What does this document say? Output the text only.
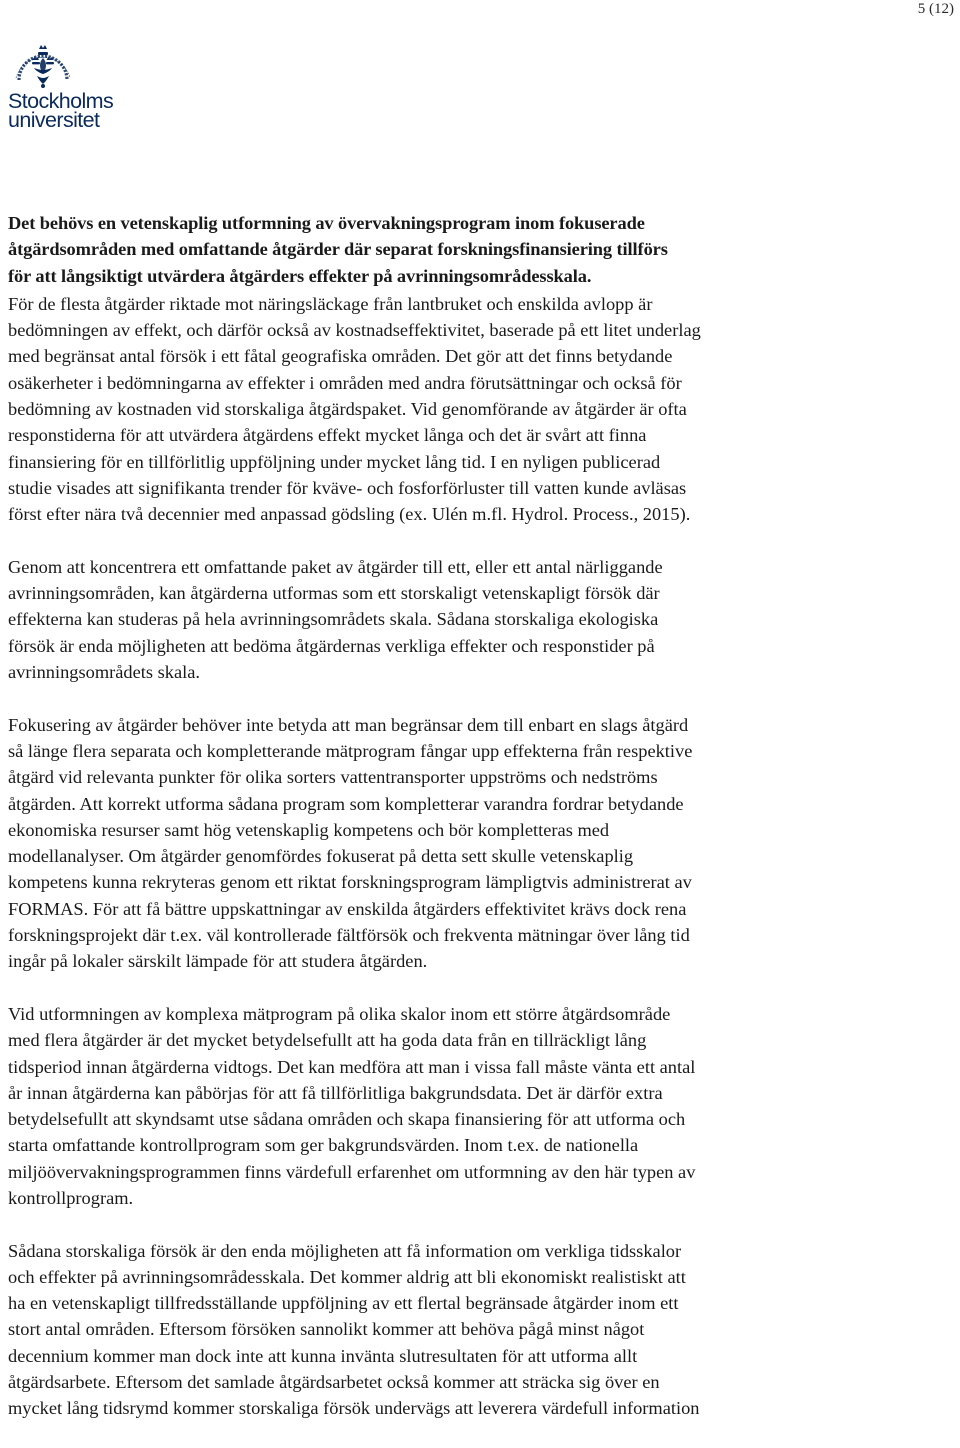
5 (12)
Stockholms
universitet

Det behövs en vetenskaplig utformning av övervakningsprogram inom fokuserade
åtgärdsområden med omfattande åtgärder där separat forskningsfinansiering tillförs
för att långsiktigt utvärdera åtgärders effekter på avrinningsområdesskala.

För de flesta åtgärder riktade mot näringsläckage från lantbruket och enskilda avlopp är
bedömningen av effekt, och därför också av kostnadseffektivitet, baserade på ett litet underlag
med begränsat antal försök i ett fåtal geografiska områden. Det gör att det finns betydande
osäkerheter i bedömningarna av effekter i områden med andra förutsättningar och också för
bedömning av kostnaden vid storskaliga åtgärdspaket. Vid genomförande av åtgärder är ofta
responstiderna för att utvärdera åtgärdens effekt mycket långa och det är svårt att finna
finansiering för en tillförlitlig uppföljning under mycket lång tid. I en nyligen publicerad
studie visades att signifikanta trender för kväve- och fosforförluster till vatten kunde avläsas
först efter nära två decennier med anpassad gödsling (ex. Ulén m.fl. Hydrol. Process., 2015).

Genom att koncentrera ett omfattande paket av åtgärder till ett, eller ett antal närliggande
avrinningsområden, kan åtgärderna utformas som ett storskaligt vetenskapligt försök där
effekterna kan studeras på hela avrinningsområdets skala. Sådana storskaliga ekologiska
försök är enda möjligheten att bedöma åtgärdernas verkliga effekter och responstider på
avrinningsområdets skala.

Fokusering av åtgärder behöver inte betyda att man begränsar dem till enbart en slags åtgärd
så länge flera separata och kompletterande mätprogram fångar upp effekterna från respektive
åtgärd vid relevanta punkter för olika sorters vattentransporter uppströms och nedströms
åtgärden. Att korrekt utforma sådana program som kompletterar varandra fordrar betydande
ekonomiska resurser samt hög vetenskaplig kompetens och bör kompletteras med
modellanalyser. Om åtgärder genomfördes fokuserat på detta sett skulle vetenskaplig
kompetens kunna rekryteras genom ett riktat forskningsprogram lämpligtvis administrerat av
FORMAS. För att få bättre uppskattningar av enskilda åtgärders effektivitet krävs dock rena
forskningsprojekt där t.ex. väl kontrollerade fältförsök och frekventa mätningar över lång tid
ingår på lokaler särskilt lämpade för att studera åtgärden.

Vid utformningen av komplexa mätprogram på olika skalor inom ett större åtgärdsområde
med flera åtgärder är det mycket betydelsefullt att ha goda data från en tillräckligt lång
tidsperiod innan åtgärderna vidtogs. Det kan medföra att man i vissa fall måste vänta ett antal
år innan åtgärderna kan påbörjas för att få tillförlitliga bakgrundsdata. Det är därför extra
betydelsefullt att skyndsamt utse sådana områden och skapa finansiering för att utforma och
starta omfattande kontrollprogram som ger bakgrundsvärden. Inom t.ex. de nationella
miljöövervakningsprogrammen finns värdefull erfarenhet om utformning av den här typen av
kontrollprogram.

Sådana storskaliga försök är den enda möjligheten att få information om verkliga tidsskalor
och effekter på avrinningsområdesskala. Det kommer aldrig att bli ekonomiskt realistiskt att
ha en vetenskapligt tillfredsställande uppföljning av ett flertal begränsade åtgärder inom ett
stort antal områden. Eftersom försöken sannolikt kommer att behöva pågå minst något
decennium kommer man dock inte att kunna invänta slutresultaten för att utforma allt
åtgärdsarbete. Eftersom det samlade åtgärdsarbetet också kommer att sträcka sig över en
mycket lång tidsrymd kommer storskaliga försök undervägs att leverera värdefull information
